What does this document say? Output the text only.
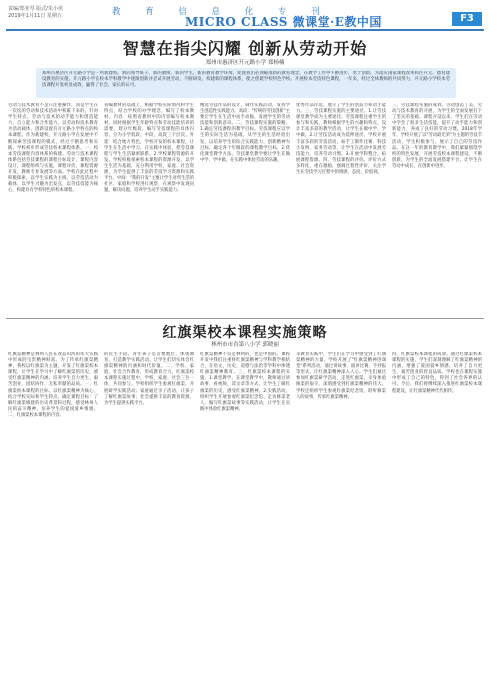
责编/郑亚琴 版式/朱小侠
2019年1月11日 星期五	教 育 信 息 化 专 刊
MICRO CLASS 微课堂·E教中国	F3
智慧在指尖闪耀 创新从劳动开始
郑州市惠济区开元路小学 郑杨楠
郑州市惠济区开元路小学是一所新建校。新的领导班子、新的教师、新的学生、新的教育教学环境，促使我们必须瞄准新的教育理念，在教学工作中不断进步，勇于创新。为落实国家课程改革和区开元、德育建设教育的实施，开元路小学在校本学科教学中逐渐创新并尝试开展劳动，不断研发、构建新的课程体系，使之创建学校特色学校。开展校本劳技特色课程，一年来，经过全体教师的共同努力，开元路小学校本劳技课程开发初显成效，赢得了社会、家长的认可。
劳动与技术教育不是只注重操作，而是学生在一次次的劳动和技术活动中积累下来的。针对学生特点，劳动与技术的动手能力和创造能力、自立能力和合作能力。以劳动和技术教育为活动载体，创新设置有开元路小学特点的校本课程。作为新建校，开元路小学在发展中不断探索劳技课程的模式，经过不断思考和实践，学校初步形成劳技校本课程体系。一、校本劳技课程内容体系的构建。劳动与技术课程体系包括劳技课程的课程目标设计，课程内容设计，课程组织与实施，课程评价，课程资源开发，教师专业发展等方面。学校在此过程中积极探索，以学生实践为主线，以劳技活动为载体，以学生兴趣为出发点，以劳技技能为核心，构建具有学校特色的校本课程。
省编教材的基础上，根据学校实际情况和学生特点，结合学校的办学理念，编写了校本教材。内容：按照省教材中的内容编写校本教材，同时根据学生年龄特点和劳动技能培养的需要，划分年级段，编写劳技课程的具体内容，分为小学低段、中段、高段三个层次。外延：结合地方特色，学校开发的校本课程，让学生在生活中学习，在实践中体验，把劳技课程与学生生活紧密联系。2.学校课程资源的开发。学校积极探索校本课程的资源开发，以学生生活为基础，充分利用学校、家庭、社会资源，为学生提供了丰富的劳技学习资源和实践平台。中间："我的开发"主要让学生对所生活的社区、家庭和学校进行观察，在观察中发现问题，解决问题，培养学生动手实践能力。
精选劳技作品的设计，制作实践活动，发挥学生创造性实践能力。高段："传统的劳技创新"主要让学生在生活中动手动脑，发展学生的劳动技能和创新意识。二、劳技课程实施的策略。1.确定劳技课程的教学目标。劳技课程应以学生的实际生活为基础，从学生的生活经验出发，以培养学生的综合实践能力、创新精神为目标，确定各个年级段的课程教学目标。2.优化课堂教学方法。劳技课堂教学要让学生在做中学、学中做，在实践中体验劳动的乐趣。
优秀作品评选，展示了学生的创造力和动手能力。三、劳技课程实施的主要途径。1.让劳技课堂教学成为主要途径。劳技课程注重学生的参与和实践，教师根据学生的兴趣和特点，设计丰富多彩的教学活动，让学生在做中学、学中做。2.让劳技活动成为延伸途径。学校开展丰富多彩的劳技活动，如手工制作比赛、科技小发明、家务劳动等，让学生在活动中发展劳技能力，培养劳动习惯。3.开展学科整合，拓展课程资源。四、劳技课程的评价。评价方式多样化，重在激励，强调过程性评价，关注学生在劳技学习过程中的情感、态度、价值观。
三、劳技课程实施的成效。劳动创造了美，劳动与技术教育的开展，为学生的全面发展打下了坚实的基础。课程开设以来，学生们在劳动中学会了很多生活技能，提升了动手能力和创新能力，养成了良好的劳动习惯。2018年学年，学校开展了以"劳动最光荣"为主题的劳技节活动，学生积极参与，展示了自己的劳技作品。在这一年的教育教学中，我们紧紧围绕学校的特色发展，开展劳技校本课程建设，不断创新，为学生的全面发展搭建平台，让学生在劳动中成长，在创新中进步。
红旗渠校本课程实施策略
林州市市直第八小学 郭晓丽
红旗渠精神是林州人民在改造山河的伟大实践中形成的宝贵精神财富。为了传承红旗渠精神，我校以红旗渠为主题，开发了红旗渠校本课程，让学生在学习中了解红旗渠的历史，感受红旗渠精神的内涵，培养学生自力更生、艰苦创业、团结协作、无私奉献的品质。一、红旗渠校本课程的目标。以红旗渠精神为核心，结合学校实际和学生特点，确定课程目标：了解红旗渠修建的历史背景和过程，感受林州人民的奋斗精神，培养学生的爱国爱乡情感。二、红旗渠校本课程的内容。
的民生手段。青年孩子是首要地位，体现教育，打造教学实践活动。让学生们切实体会红旗渠精神的内涵和时代价值。二、学校、家庭、社会合作教育，形成教育合力。红旗渠校本课程实施过程中，学校、家庭、社会三位一体，共同参与。学校组织学生参观红旗渠，开展研学实践活动；家庭通过亲子活动，让孩子了解红旗渠故事；社会提供丰富的教育资源，为学生提供实践平台。
红旗渠精神不仅是林州的，也是中国的。课程开发中我们注重将红旗渠精神与学科教学相结合，在语文、历史、道德与法治等学科中渗透红旗渠精神教育。三、红旗渠校本课程的实施。1.课堂教学。在课堂教学中，教师通过讲故事、看视频、读文章等方式，让学生了解红旗渠的历史，感受红旗渠精神。2.实践活动。组织学生开展参观红旗渠纪念馆、走访修渠老人、编写红旗渠故事等实践活动，让学生在实践中体验红旗渠精神。
等教育实践中，学生们在学习中感受到了红旗渠精神的力量。学校开展了"红旗渠精神进课堂"系列活动，通过讲故事、演讲比赛、手抄报等形式，让红旗渠精神深入人心。学生们通过参加红旗渠研学活动，走进红旗渠，亲身体验修渠的艰辛，深刻感受到红旗渠精神的伟大。学校还组织学生参观红旗渠纪念馆，聆听修渠人的故事，传承红旗渠精神。
四、红旗渠校本课程的成效。通过红旗渠校本课程的实施，学生们深刻理解了红旗渠精神的内涵，增强了爱国爱乡情感，培养了自力更生、艰苦创业的优良品质。学校也在课程实施中形成了自己的特色，得到了社会各界的认可。今后，我们将继续深入推进红旗渠校本课程建设，让红旗渠精神代代相传。
